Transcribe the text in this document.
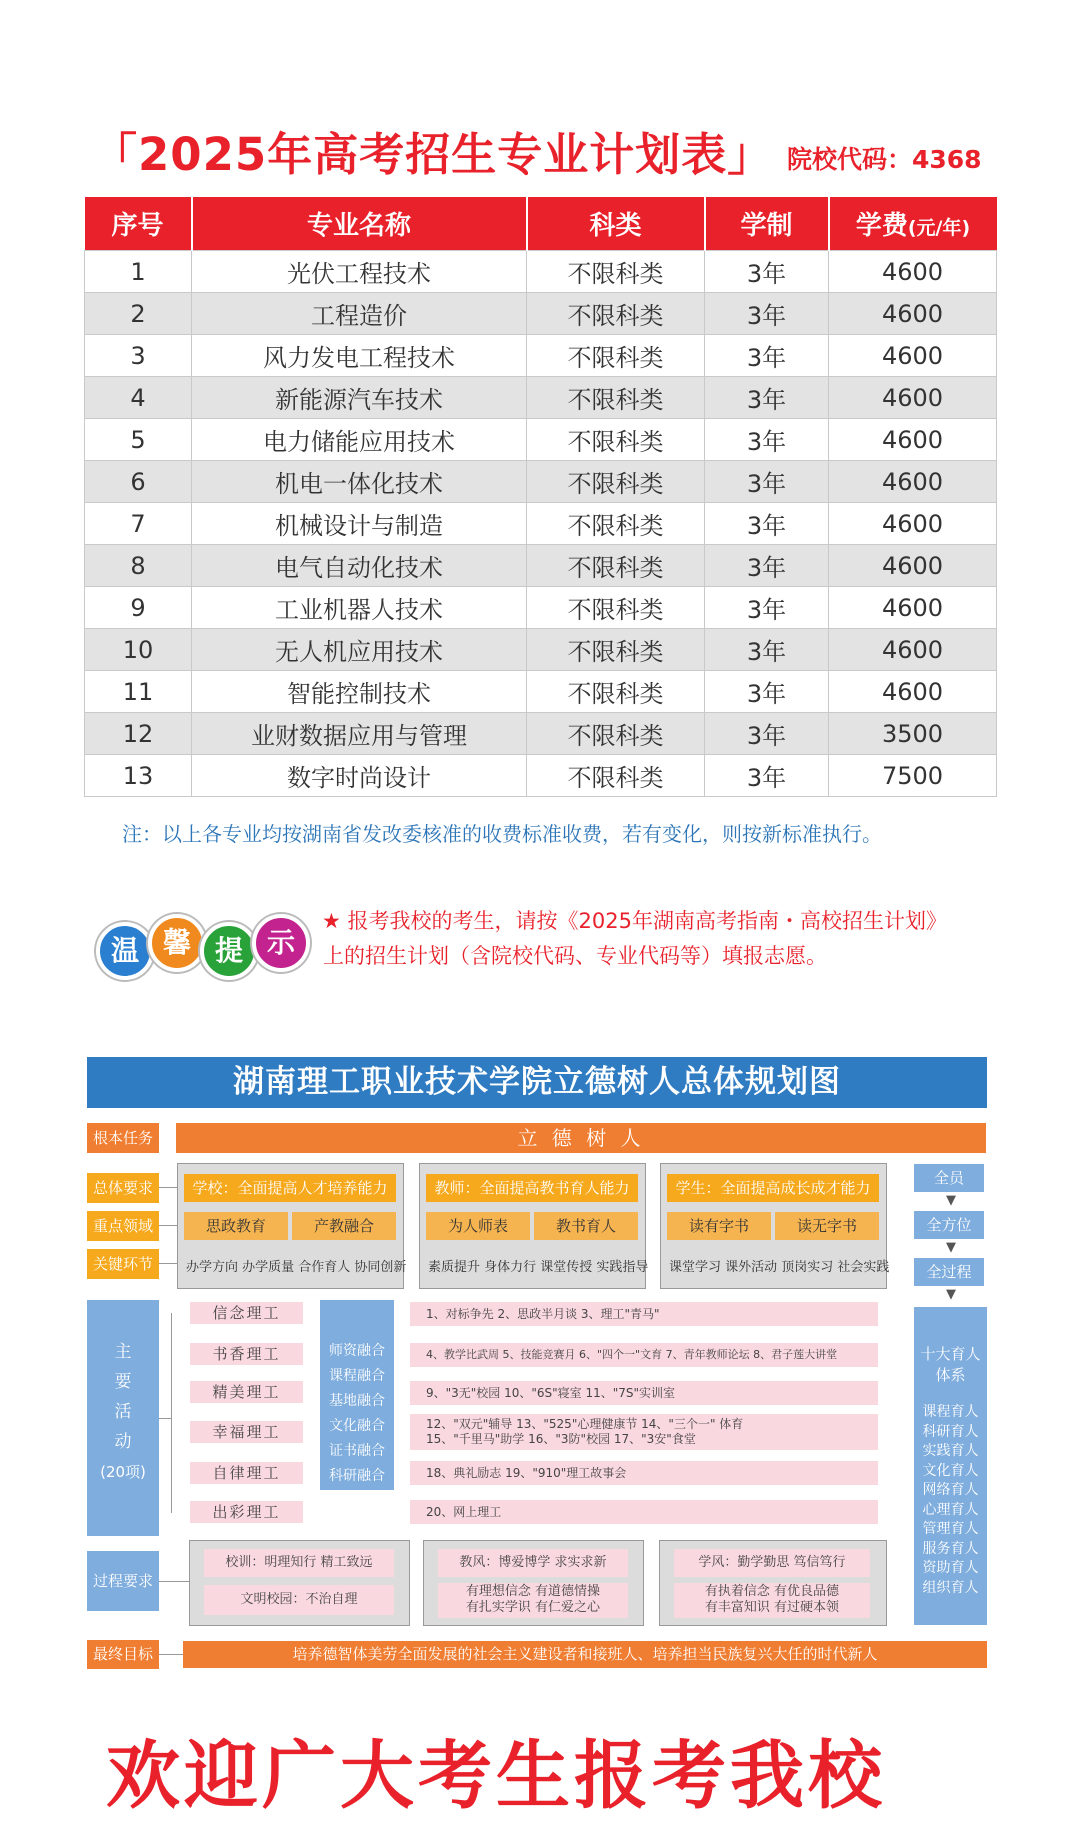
「2025年高考招生专业计划表」 院校代码：4368
序号	专业名称	科类	学制	学费(元/年)
1	光伏工程技术	不限科类	3年	4600
2	工程造价	不限科类	3年	4600
3	风力发电工程技术	不限科类	3年	4600
4	新能源汽车技术	不限科类	3年	4600
5	电力储能应用技术	不限科类	3年	4600
6	机电一体化技术	不限科类	3年	4600
7	机械设计与制造	不限科类	3年	4600
8	电气自动化技术	不限科类	3年	4600
9	工业机器人技术	不限科类	3年	4600
10	无人机应用技术	不限科类	3年	4600
11	智能控制技术	不限科类	3年	4600
12	业财数据应用与管理	不限科类	3年	3500
13	数字时尚设计	不限科类	3年	7500
注：以上各专业均按湖南省发改委核准的收费标准收费，若有变化，则按新标准执行。
温 馨 提 示
★ 报考我校的考生，请按《2025年湖南高考指南・高校招生计划》
上的招生计划（含院校代码、专业代码等）填报志愿。
湖南理工职业技术学院立德树人总体规划图
根本任务	立 德 树 人
总体要求
重点领域
关键环节
学校：全面提高人才培养能力
思政教育	产教融合
办学方向 办学质量 合作育人 协同创新
教师：全面提高教书育人能力
为人师表	教书育人
素质提升 身体力行 课堂传授 实践指导
学生：全面提高成长成才能力
读有字书	读无字书
课堂学习 课外活动 顶岗实习 社会实践
全员
▼
全方位
▼
全过程
▼
十大育人
体系
课程育人
科研育人
实践育人
文化育人
网络育人
心理育人
管理育人
服务育人
资助育人
组织育人
主
要
活
动
(20项)
信念理工
书香理工
精美理工
幸福理工
自律理工
出彩理工
师资融合
课程融合
基地融合
文化融合
证书融合
科研融合
1、对标争先 2、思政半月谈 3、理工"青马"
4、教学比武周 5、技能竞赛月 6、"四个一"文育 7、青年教师论坛 8、君子莲大讲堂
9、"3无"校园 10、"6S"寝室 11、"7S"实训室
12、"双元"辅导 13、"525"心理健康节 14、"三个一" 体育
15、"千里马"助学 16、"3防"校园 17、"3安"食堂
18、典礼励志 19、"910"理工故事会
20、网上理工
过程要求
校训：明理知行 精工致远
文明校园：不治自理
教风：博爱博学 求实求新
有理想信念 有道德情操
有扎实学识 有仁爱之心
学风：勤学勤思 笃信笃行
有执着信念 有优良品德
有丰富知识 有过硬本领
最终目标	培养德智体美劳全面发展的社会主义建设者和接班人、培养担当民族复兴大任的时代新人
欢迎广大考生报考我校
